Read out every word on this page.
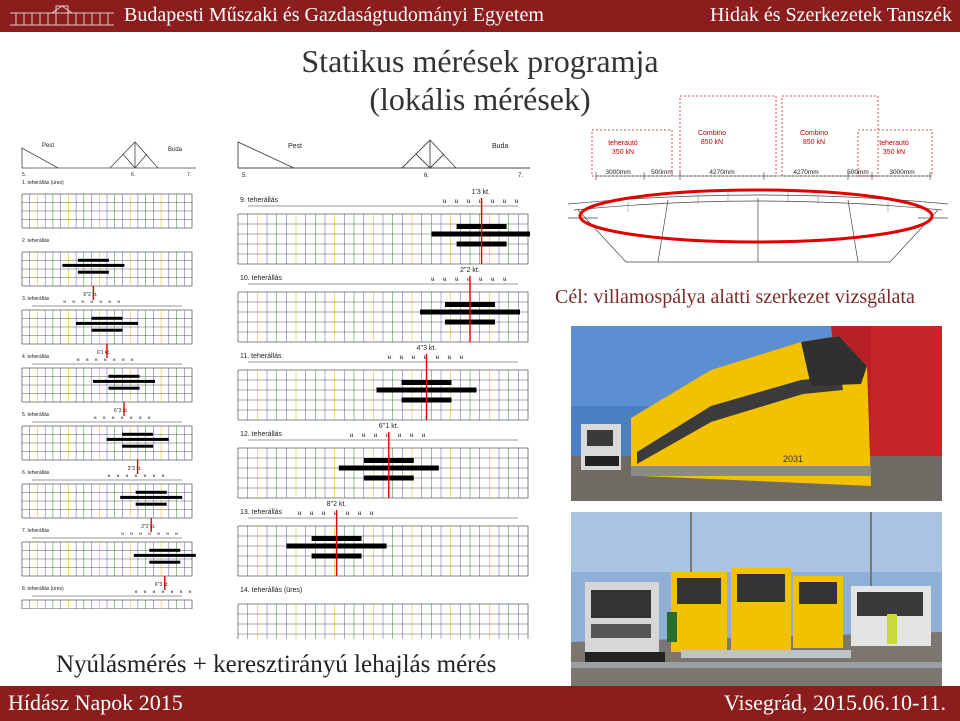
Budapesti Műszaki és Gazdaságtudományi Egyetem	Hidak és Szerkezetek Tanszék
Statikus mérések programja
(lokális mérések)
Pest
Buda
5.	6.	7.
1. teherállás (üres)
2. teherállás
6''2 kt.
ʉ ʉ ʉ ʉ ʉ ʉ ʉ
3. teherállás
6'1 kt.
ʉ ʉ ʉ ʉ ʉ ʉ ʉ
4. teherállás
6''3 kt.
ʉ ʉ ʉ ʉ ʉ ʉ ʉ
5. teherállás
3''2 kt.
ʉ ʉ ʉ ʉ ʉ ʉ ʉ
6. teherállás
2''2 kt.
ʉ ʉ ʉ ʉ ʉ ʉ ʉ
7. teherállás
6''3 kt.
ʉ ʉ ʉ ʉ ʉ ʉ ʉ
8. teherállás (üres)
Pest	Buda
5.	6.	7.
9. teherállás
1'3 kt.
ʉ ʉ ʉ ʉ ʉ ʉ ʉ
10. teherállás
2''2 kt.
ʉ ʉ ʉ ʉ ʉ ʉ ʉ
11. teherállás
4''3 kt.
ʉ ʉ ʉ ʉ ʉ ʉ ʉ
12. teherállás
6''1 kt.
ʉ ʉ ʉ ʉ ʉ ʉ ʉ
13. teherállás
8''2 kt.
ʉ ʉ ʉ ʉ ʉ ʉ ʉ
14. teherállás (üres)
teherautó
350 kN
Combino
850 kN
Combino
850 kN	teherautó
350 kN
3000mm	500mm	4270mm	4270mm	500mm	3000mm
Cél: villamospálya alatti szerkezet vizsgálata
2031
Nyúlásmérés + keresztirányú lehajlás mérés
Hídász Napok 2015	Visegrád, 2015.06.10-11.
